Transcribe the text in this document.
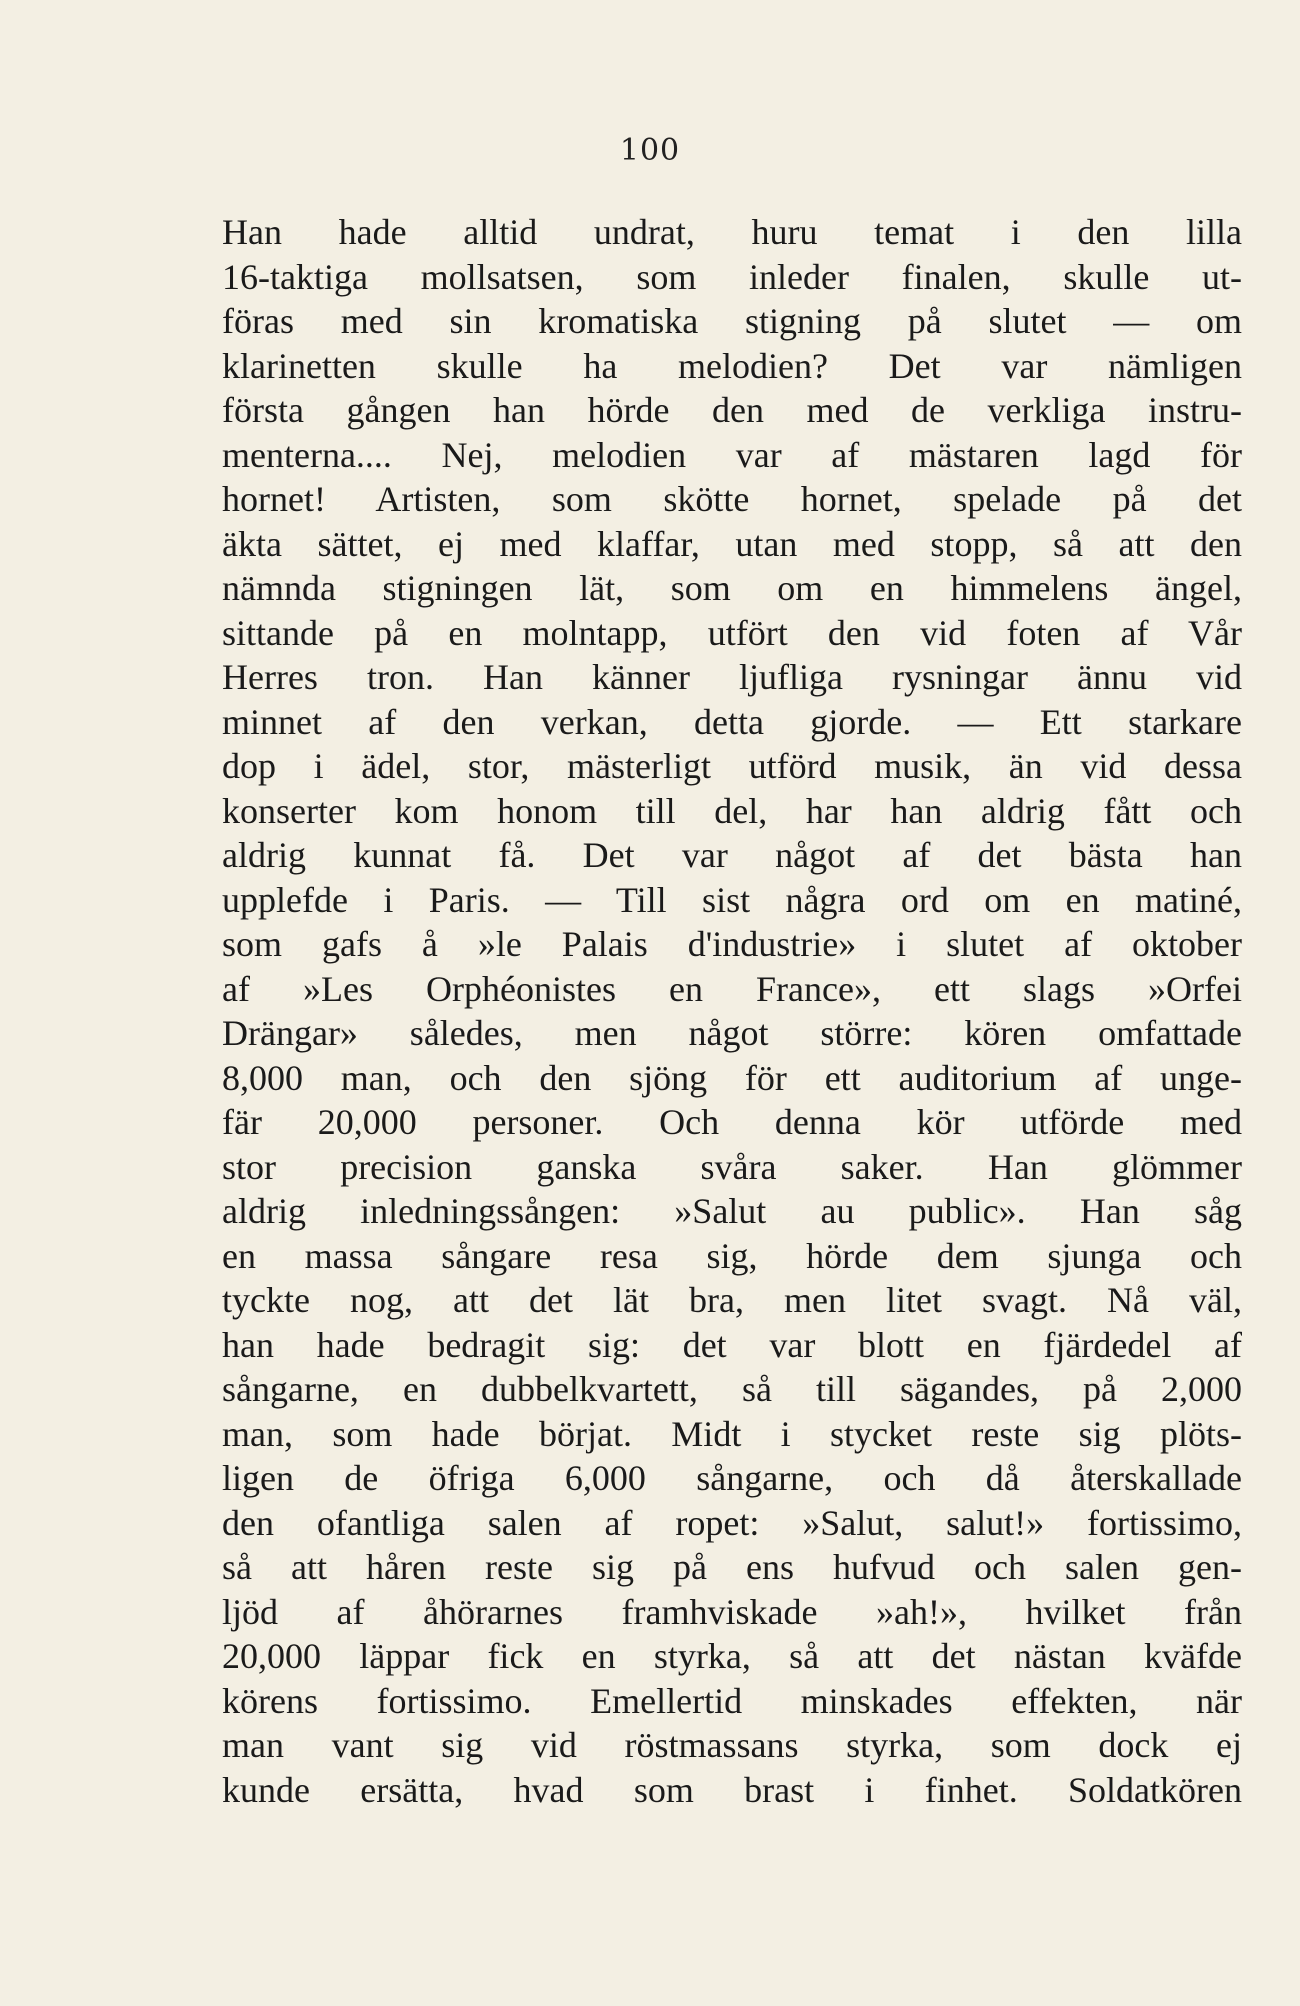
100
Han hade alltid undrat, huru temat i den lilla
16-taktiga mollsatsen, som inleder finalen, skulle ut-
föras med sin kromatiska stigning på slutet — om
klarinetten skulle ha melodien? Det var nämligen
första gången han hörde den med de verkliga instru-
menterna.... Nej, melodien var af mästaren lagd för
hornet! Artisten, som skötte hornet, spelade på det
äkta sättet, ej med klaffar, utan med stopp, så att den
nämnda stigningen lät, som om en himmelens ängel,
sittande på en molntapp, utfört den vid foten af Vår
Herres tron. Han känner ljufliga rysningar ännu vid
minnet af den verkan, detta gjorde. — Ett starkare
dop i ädel, stor, mästerligt utförd musik, än vid dessa
konserter kom honom till del, har han aldrig fått och
aldrig kunnat få. Det var något af det bästa han
upplefde i Paris. — Till sist några ord om en matiné,
som gafs å »le Palais d'industrie» i slutet af oktober
af »Les Orphéonistes en France», ett slags »Orfei
Drängar» således, men något större: kören omfattade
8,000 man, och den sjöng för ett auditorium af unge-
fär 20,000 personer. Och denna kör utförde med
stor precision ganska svåra saker. Han glömmer
aldrig inledningssången: »Salut au public». Han såg
en massa sångare resa sig, hörde dem sjunga och
tyckte nog, att det lät bra, men litet svagt. Nå väl,
han hade bedragit sig: det var blott en fjärdedel af
sångarne, en dubbelkvartett, så till sägandes, på 2,000
man, som hade börjat. Midt i stycket reste sig plöts-
ligen de öfriga 6,000 sångarne, och då återskallade
den ofantliga salen af ropet: »Salut, salut!» fortissimo,
så att håren reste sig på ens hufvud och salen gen-
ljöd af åhörarnes framhviskade »ah!», hvilket från
20,000 läppar fick en styrka, så att det nästan kväfde
körens fortissimo. Emellertid minskades effekten, när
man vant sig vid röstmassans styrka, som dock ej
kunde ersätta, hvad som brast i finhet. Soldatkören
